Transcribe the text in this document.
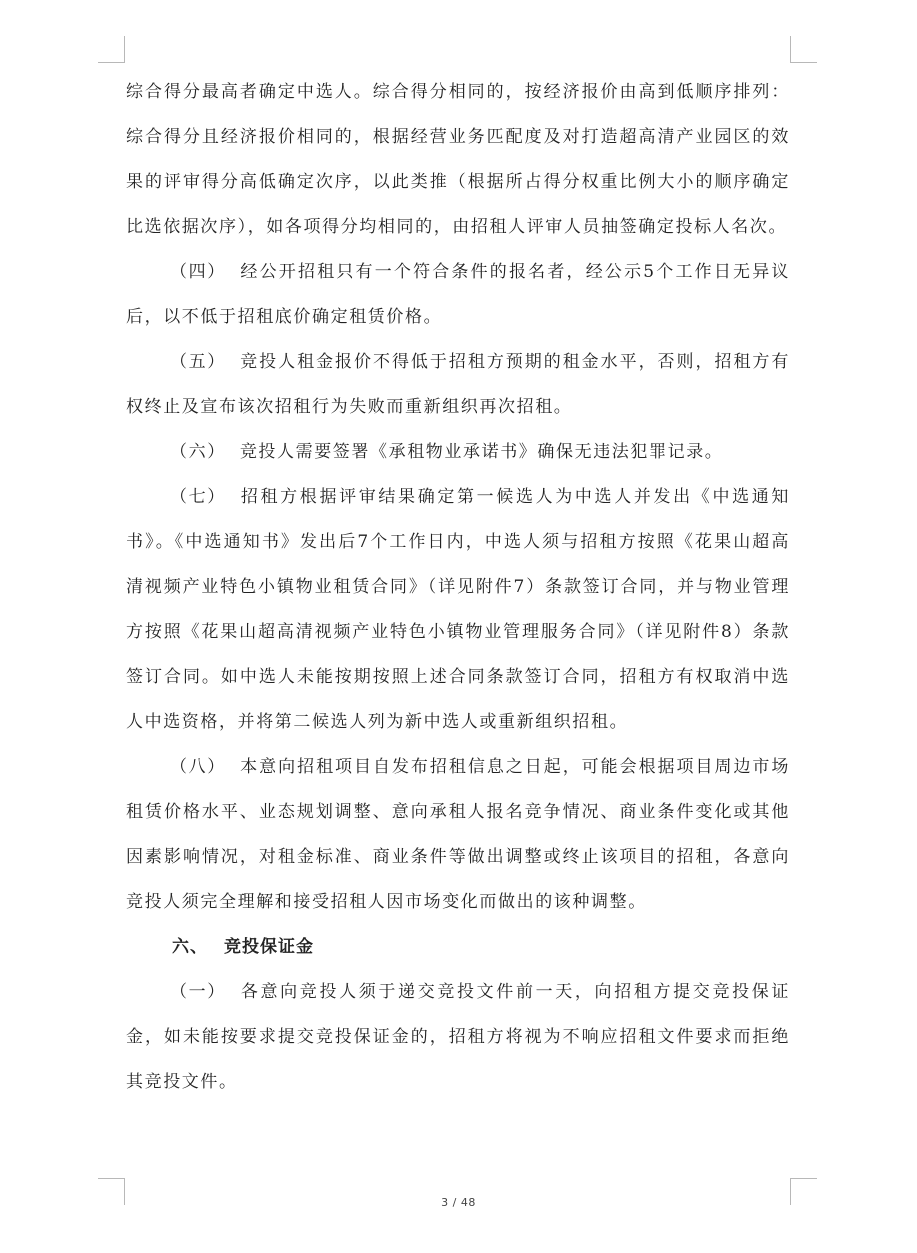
综合得分最高者确定中选人。综合得分相同的，按经济报价由高到低顺序排列：综合得分且经济报价相同的，根据经营业务匹配度及对打造超高清产业园区的效果的评审得分高低确定次序，以此类推（根据所占得分权重比例大小的顺序确定比选依据次序），如各项得分均相同的，由招租人评审人员抽签确定投标人名次。

（四） 经公开招租只有一个符合条件的报名者，经公示5个工作日无异议后，以不低于招租底价确定租赁价格。

（五） 竞投人租金报价不得低于招租方预期的租金水平，否则，招租方有权终止及宣布该次招租行为失败而重新组织再次招租。

（六） 竞投人需要签署《承租物业承诺书》确保无违法犯罪记录。

（七） 招租方根据评审结果确定第一候选人为中选人并发出《中选通知书》。《中选通知书》发出后7个工作日内，中选人须与招租方按照《花果山超高清视频产业特色小镇物业租赁合同》（详见附件7）条款签订合同，并与物业管理方按照《花果山超高清视频产业特色小镇物业管理服务合同》（详见附件8）条款签订合同。如中选人未能按期按照上述合同条款签订合同，招租方有权取消中选人中选资格，并将第二候选人列为新中选人或重新组织招租。

（八） 本意向招租项目自发布招租信息之日起，可能会根据项目周边市场租赁价格水平、业态规划调整、意向承租人报名竞争情况、商业条件变化或其他因素影响情况，对租金标准、商业条件等做出调整或终止该项目的招租，各意向竞投人须完全理解和接受招租人因市场变化而做出的该种调整。

六、 竞投保证金

（一） 各意向竞投人须于递交竞投文件前一天，向招租方提交竞投保证金，如未能按要求提交竞投保证金的，招租方将视为不响应招租文件要求而拒绝其竞投文件。

3 / 48
